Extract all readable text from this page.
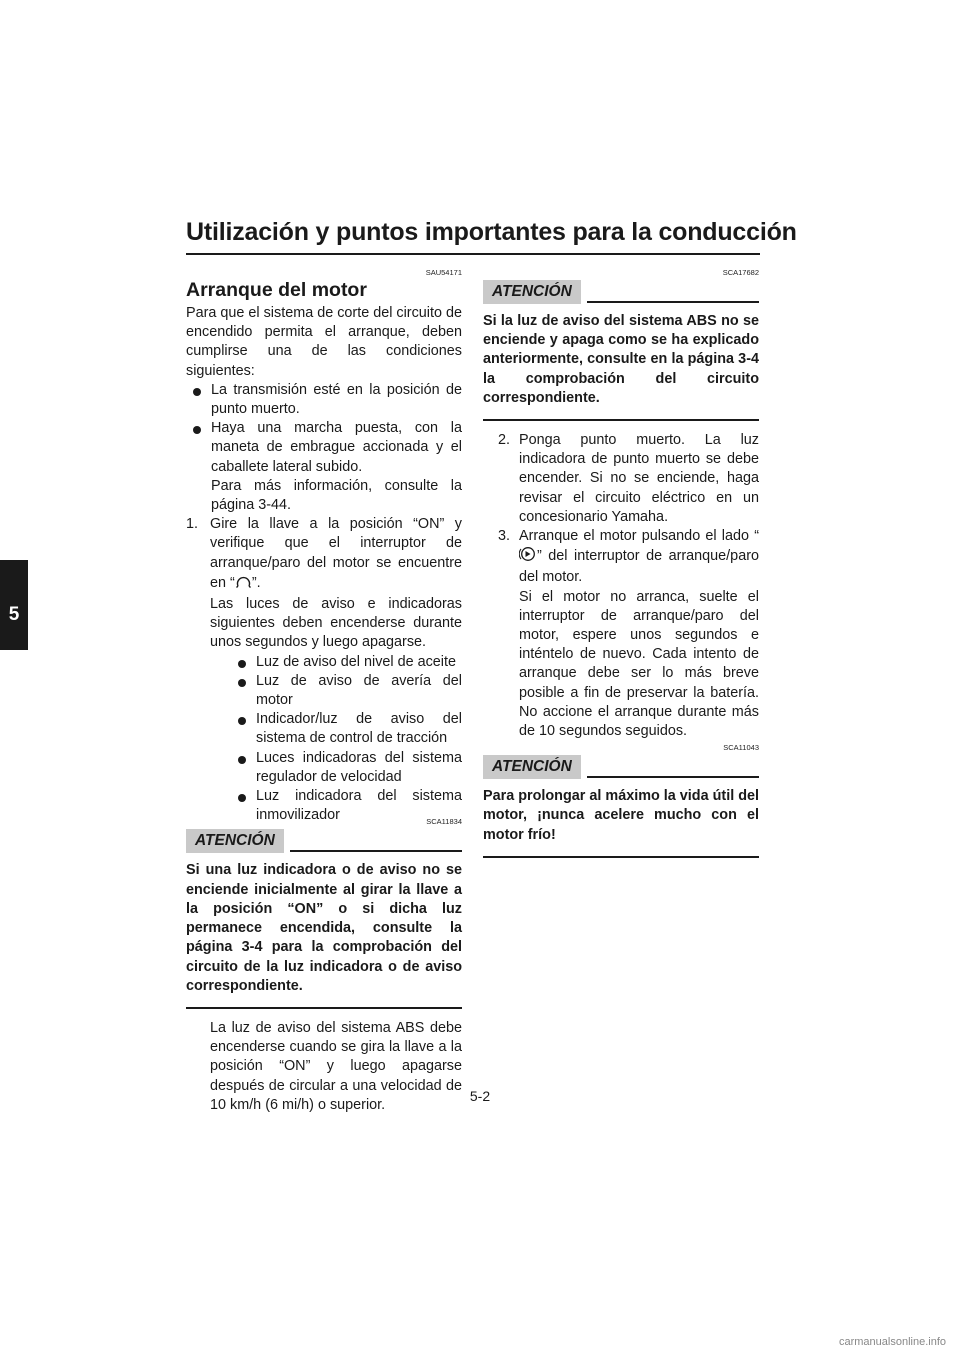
Utilización y puntos importantes para la conducción
5

SAU54171

Arranque del motor

Para que el sistema de corte del circuito de encendido permita el arranque, deben cumplirse una de las condiciones siguientes:

La transmisión esté en la posición de punto muerto.
Haya una marcha puesta, con la maneta de embrague accionada y el caballete lateral subido.

Para más información, consulte la página 3-44.

1. Gire la llave a la posición “ON” y verifique que el interruptor de arranque/paro del motor se encuentre en “ ”.

Las luces de aviso e indicadoras siguientes deben encenderse durante unos segundos y luego apagarse.

Luz de aviso del nivel de aceite
Luz de aviso de avería del motor
Indicador/luz de aviso del sistema de control de tracción
Luces indicadoras del sistema regulador de velocidad
Luz indicadora del sistema inmovilizador	SCA11834

ATENCIÓN

Si una luz indicadora o de aviso no se enciende inicialmente al girar la llave a la posición “ON” o si dicha luz permanece encendida, consulte la página 3-4 para la comprobación del circuito de la luz indicadora o de aviso correspondiente.

La luz de aviso del sistema ABS debe encenderse cuando se gira la llave a la posición “ON” y luego apagarse después de circular a una velocidad de 10 km/h (6 mi/h) o superior.

SCA17682

ATENCIÓN

Si la luz de aviso del sistema ABS no se enciende y apaga como se ha explicado anteriormente, consulte en la página 3-4 la comprobación del circuito correspondiente.

2. Ponga punto muerto. La luz indicadora de punto muerto se debe encender. Si no se enciende, haga revisar el circuito eléctrico en un concesionario Yamaha.
3. Arranque el motor pulsando el lado “” del interruptor de arranque/paro del motor.

Si el motor no arranca, suelte el interruptor de arranque/paro del motor, espere unos segundos e inténtelo de nuevo. Cada intento de arranque debe ser lo más breve posible a fin de preservar la batería. No accione el arranque durante más de 10 segundos seguidos.

SCA11043

ATENCIÓN

Para prolongar al máximo la vida útil del motor, ¡nunca acelere mucho con el motor frío!

5-2
carmanualsonline.info
